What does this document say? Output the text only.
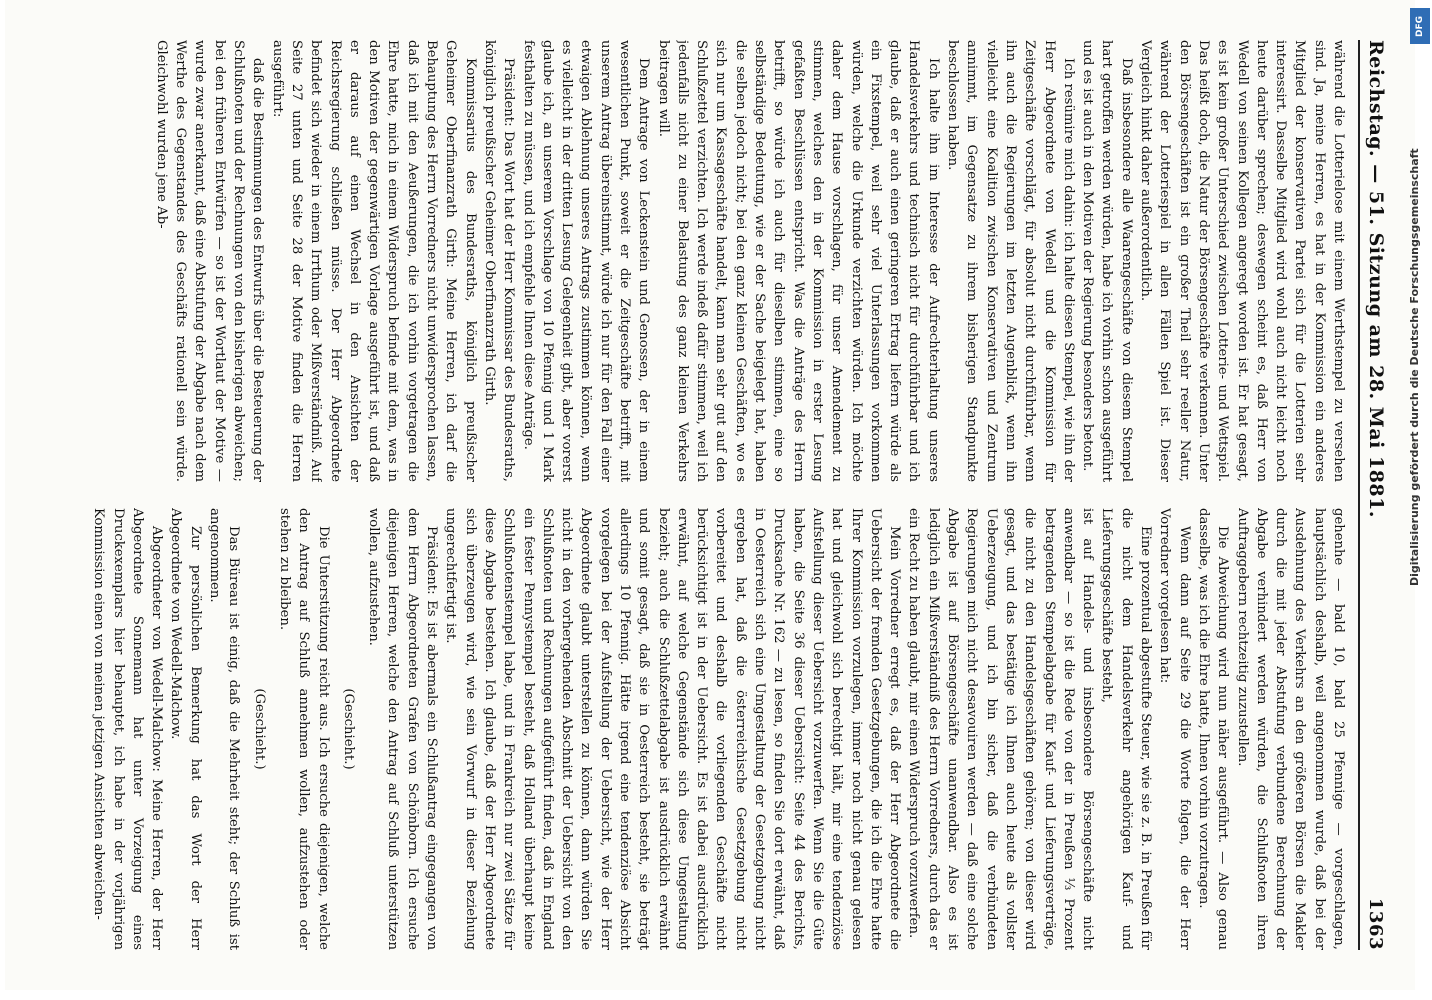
Reichstag. — 51. Sitzung am 28. Mai 1881.
1363

während die Lotterielose mit einem Werthstempel zu versehen sind. Ja, meine Herren, es hat in der Kommission ein anderes Mitglied der konservativen Partei sich für die Lotterien sehr interessirt. Dasselbe Mitglied wird wohl auch nicht leicht noch heute darüber sprechen; deswegen scheint es, daß Herr von Wedell von seinen Kollegen angeregt worden ist. Er hat gesagt, es ist kein großer Unterschied zwischen Lotterie- und Wettspiel. Das heißt doch, die Natur der Börsengeschäfte verkennen. Unter den Börsengeschäften ist ein großer Theil sehr reeller Natur, während der Lotteriespiel in allen Fällen Spiel ist. Dieser Vergleich hinkt daher außerordentlich.

Daß insbesondere alle Waarengeschäfte von diesem Stempel hart getroffen werden würden, habe ich vorhin schon ausgeführt und es ist auch in den Motiven der Regierung besonders betont.

Ich resümire mich dahin: ich halte diesen Stempel, wie ihn der Herr Abgeordnete von Wedell und die Kommission für Zeitgeschäfte vorschlägt, für absolut nicht durchführbar, wenn ihn auch die Regierungen im letzten Augenblick, wenn ihn vielleicht eine Koalition zwischen Konservativen und Zentrum annimmt, im Gegensatze zu ihrem bisherigen Standpunkte beschlossen haben.

Ich halte ihn im Interesse der Aufrechterhaltung unseres Handelsverkehrs und technisch nicht für durchführbar und ich glaube, daß er auch einen geringeren Ertrag liefern würde als ein Fixstempel, weil sehr viel Unterlassungen vorkommen würden, welche die Urkunde verzichten würden. Ich möchte daher dem Hause vorschlagen, für unser Amendement zu stimmen, welches den in der Kommission in erster Lesung gefaßten Beschlüssen entspricht. Was die Anträge des Herrn betrifft, so würde ich auch für dieselben stimmen, eine so selbständige Bedeutung, wie er der Sache beigelegt hat, haben die selben jedoch nicht; bei den ganz kleinen Geschäften, wo es sich nur um Kassageschäfte handelt, kann man sehr gut auf den Schlußzettel verzichten. Ich werde indeß dafür stimmen, weil ich jedenfalls nicht zu einer Belastung des ganz kleinen Verkehrs beitragen will.

Dem Antrage von Leckenstein und Genossen, der in einem wesentlichen Punkt, soweit er die Zeitgeschäfte betrifft, mit unserem Antrag übereinstimmt, würde ich nur für den Fall einer etwaigen Ablehnung unseres Antrags zustimmen können, wenn es vielleicht in der dritten Lesung Gelegenheit gibt, aber vorerst glaube ich, an unserem Vorschlage von 10 Pfennig und 1 Mark festhalten zu müssen, und ich empfehle Ihnen diese Anträge.

Präsident: Das Wort hat der Herr Kommissar des Bundesraths, königlich preußischer Geheimer Oberfinanzrath Girth.

Kommissarius des Bundesraths, königlich preußischer Geheimer Oberfinanzrath Girth: Meine Herren, ich darf die Behauptung des Herrn Vorredners nicht unwidersprochen lassen, daß ich mit den Aeußerungen, die ich vorhin vorgetragen die Ehre hatte, mich in einem Widerspruch befinde mit dem, was in den Motiven der gegenwärtigen Vorlage ausgeführt ist, und daß er daraus auf einen Wechsel in den Ansichten der Reichsregierung schließen müsse. Der Herr Abgeordnete befindet sich wieder in einem Irrthum oder Mißverständniß. Auf Seite 27 unten und Seite 28 der Motive finden die Herren ausgeführt:

daß die Bestimmungen des Entwurfs über die Besteuerung der Schlußnoten und der Rechnungen von den bisherigen abweichen; bei den früheren Entwürfen — so ist der Wortlaut der Motive — wurde zwar anerkannt, daß eine Abstufung der Abgabe nach dem Werthe des Gegenstandes des Geschäfts rationell sein würde. Gleichwohl wurden jene Ab-

gehenhe — bald 10, bald 25 Pfennige — vorgeschlagen, hauptsächlich deshalb, weil angenommen wurde, daß bei der Ausdehnung des Verkehrs an den größeren Börsen die Makler durch die mit jeder Abstufung verbundene Berechnung der Abgabe verhindert werden würden, die Schlußnoten ihren Auftraggebern rechtzeitig zuzustellen.

Die Abweichung wird nun näher ausgeführt. — Also genau dasselbe, was ich die Ehre hatte, Ihnen vorhin vorzutragen.

Wenn dann auf Seite 29 die Worte folgen, die der Herr Vorredner vorgelesen hat:

Eine prozentual abgestufte Steuer, wie sie z. B. in Preußen für die nicht dem Handelsverkehr angehörigen Kauf- und Lieferungsgeschäfte besteht,

ist auf Handels- und insbesondere Börsengeschäfte nicht anwendbar — so ist die Rede von der in Preußen ⅓ Prozent betragenden Stempelabgabe für Kauf- und Lieferungsverträge, die nicht zu den Handelsgeschäften gehören; von dieser wird gesagt, und das bestätige ich Ihnen auch heute als vollster Ueberzeugung, und ich bin sicher, daß die verbündeten Regierungen mich nicht desavouiren werden — daß eine solche Abgabe ist auf Börsengeschäfte unanwendbar. Also es ist lediglich ein Mißverständniß des Herrn Vorredners, durch das er ein Recht zu haben glaubt, mir einen Widerspruch vorzuwerfen.

Mein Vorredner erregt es, daß der Herr Abgeordnete die Uebersicht der fremden Gesetzgebungen, die ich die Ehre hatte Ihrer Kommission vorzulegen, immer noch nicht genau gelesen hat und gleichwohl sich berechtigt hält, mir eine tendenziöse Aufstellung dieser Uebersicht vorzuwerfen. Wenn Sie die Güte haben, die Seite 36 dieser Uebersicht: Seite 44 des Berichts, Drucksache Nr. 162 — zu lesen, so finden Sie dort erwähnt, daß in Oesterreich sich eine Umgestaltung der Gesetzgebung nicht ergeben hat, daß die österreichische Gesetzgebung nicht vorbereitet und deshalb die vorliegenden Geschäfte nicht berücksichtigt ist in der Uebersicht. Es ist dabei ausdrücklich erwähnt, auf welche Gegenstände sich diese Umgestaltung bezieht; auch die Schlußzettelabgabe ist ausdrücklich erwähnt und somit gesagt, daß sie in Oesterreich besteht, sie beträgt allerdings 10 Pfennig. Hätte irgend eine tendenziöse Absicht vorgelegen bei der Aufstellung der Uebersicht, wie der Herr Abgeordnete glaubt unterstellen zu können, dann würden Sie nicht in den vorhergehenden Abschnitt der Uebersicht von den Schlußnoten und Rechnungen aufgeführt finden, daß in England ein fester Pennystempel besteht, daß Holland überhaupt keine Schlußnotenstempel habe, und in Frankreich nur zwei Sätze für diese Abgabe bestehen. Ich glaube, daß der Herr Abgeordnete sich überzeugen wird, wie sein Vorwurf in dieser Beziehung ungerechtfertigt ist.

Präsident: Es ist abermals ein Schlußantrag eingegangen von dem Herrn Abgeordneten Grafen von Schönborn. Ich ersuche diejenigen Herren, welche den Antrag auf Schluß unterstützen wollen, aufzustehen.

(Geschieht.)

Die Unterstützung reicht aus. Ich ersuche diejenigen, welche den Antrag auf Schluß annehmen wollen, aufzustehen oder stehen zu bleiben.

(Geschieht.)

Das Büreau ist einig, daß die Mehrheit steht; der Schluß ist angenommen.

Zur persönlichen Bemerkung hat das Wort der Herr Abgeordnete von Wedell-Malchow.

Abgeordneter von Wedell-Malchow: Meine Herren, der Herr Abgeordnete Sonnemann hat unter Vorzeigung eines Druckexemplars hier behauptet, ich habe in der vorjährigen Kommission einen von meinen jetzigen Ansichten abweichen-

Digitalisierung gefördert durch die Deutsche Forschungsgemeinschaft
DFG
